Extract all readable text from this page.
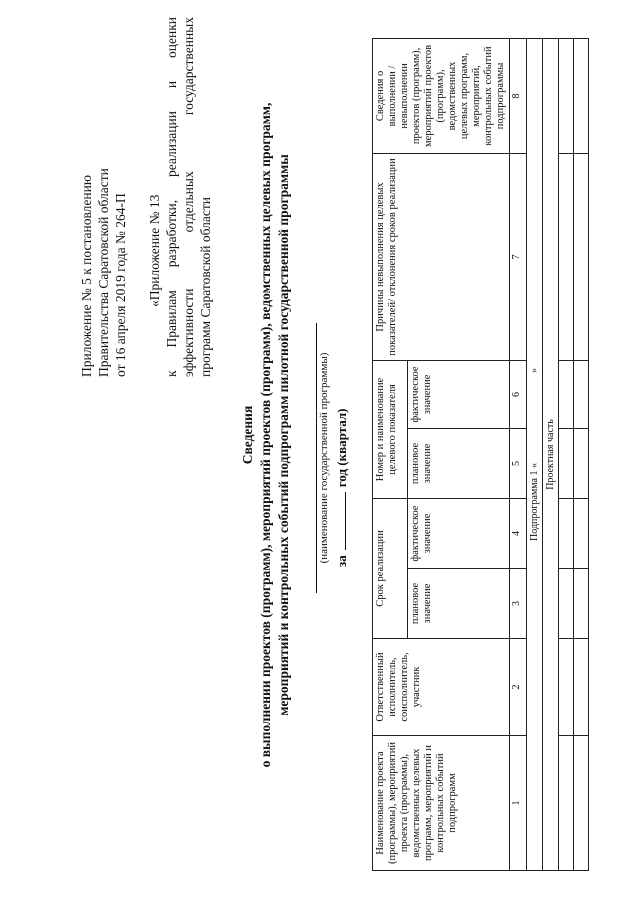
Приложение № 5 к постановлению Правительства Саратовской области от 16 апреля 2019 года № 264-П «Приложение № 13 к Правилам разработки, реализации и оценки эффективности отдельных государственных программ Саратовской области
Сведения о выполнении проектов (программ), мероприятий проектов (программ), ведомственных целевых программ, мероприятий и контрольных событий подпрограмм пилотной государственной программы (наименование государственной программы) загод (квартал)
Наименование проекта (программы), мероприятий проекта (программы), ведомственных целевых программ, мероприятий и контрольных событий подпрограмм	Ответственный исполнитель, соисполнитель, участник	Срок реализации		Номер и наименование целевого показателя		Причины невыполнения целевых показателей/ отклонения сроков реализации	Сведения о выполнении / невыполнении проектов (программ), мероприятий проектов (программ), ведомственных целевых программ, мероприятий, контрольных событий подпрограммы
		плановое значение	фактическое значение	плановое значение	фактическое значение		
1	2	3	4	5	6	7	8
Подпрограмма 1 «»							
Проектная часть							
